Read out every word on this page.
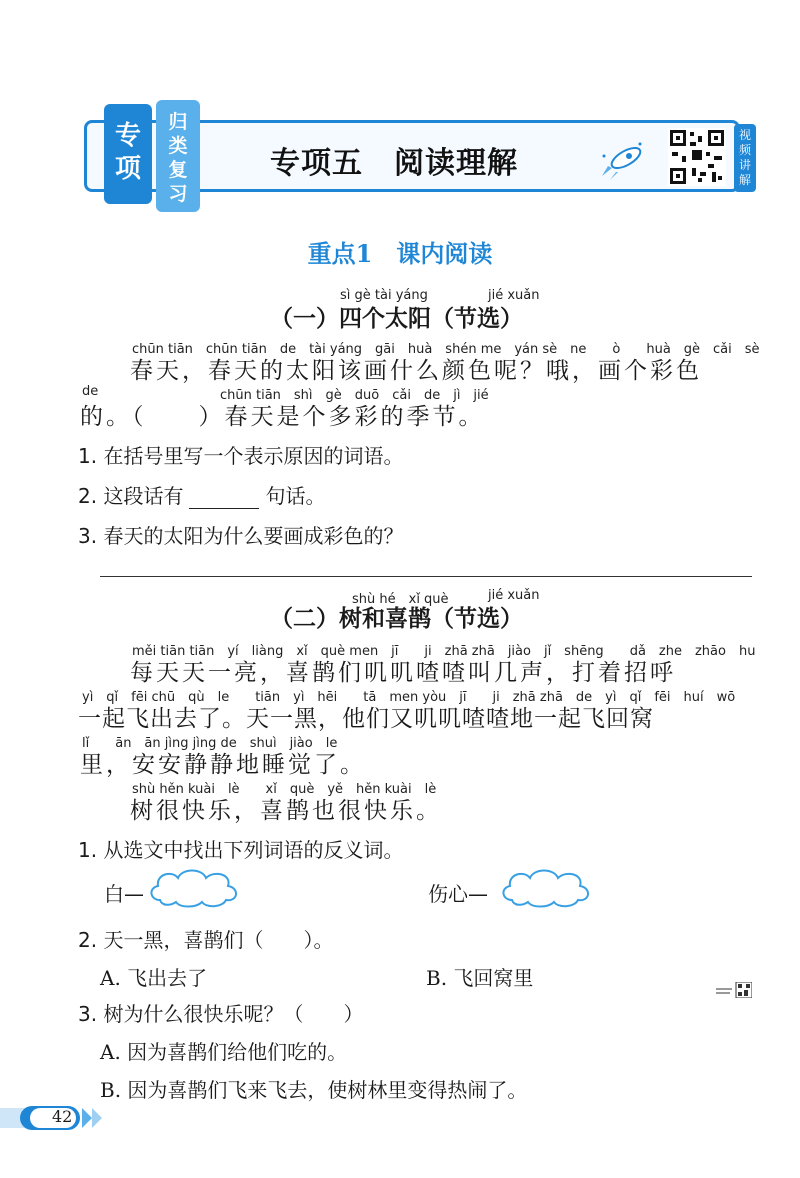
专
项
归
类
复
习
专项五　阅读理解
视
频
讲
解
重点1　课内阅读
sì gè tài yáng	jié xuǎn
（一）四个太阳（节选）
chūn tiān　chūn tiān　de　tài yáng　gāi　huà　shén me　yán sè　ne　　ò　　huà　gè　cǎi　sè
春天，春天的太阳该画什么颜色呢？哦，画个彩色
de	chūn tiān　shì　gè　duō　cǎi　de　jì　jié
的。（　　）春天是个多彩的季节。
1. 在括号里写一个表示原因的词语。
2. 这段话有	句话。
3. 春天的太阳为什么要画成彩色的？
shù hé　xǐ què	jié xuǎn
（二）树和喜鹊（节选）
měi tiān tiān　yí　liàng　xǐ　què men　jī　　ji　zhā zhā　jiào　jǐ　shēng　　dǎ　zhe　zhāo　hu
每天天一亮，喜鹊们叽叽喳喳叫几声，打着招呼
yì　qǐ　fēi chū　qù　le　　tiān　yì　hēi　　tā　men yòu　jī　　ji　zhā zhā　de　yì　qǐ　fēi　huí　wō
一起飞出去了。天一黑，他们又叽叽喳喳地一起飞回窝
lǐ　　ān　ān jìng jìng de　shuì　jiào　le
里，安安静静地睡觉了。
shù hěn kuài　lè　　xǐ　què　yě　hěn kuài　lè
树很快乐，喜鹊也很快乐。
1. 从选文中找出下列词语的反义词。
白—	伤心—
2. 天一黑，喜鹊们（　　）。
A. 飞出去了	B. 飞回窝里
3. 树为什么很快乐呢？（　　）
A. 因为喜鹊们给他们吃的。
B. 因为喜鹊们飞来飞去，使树林里变得热闹了。
42
